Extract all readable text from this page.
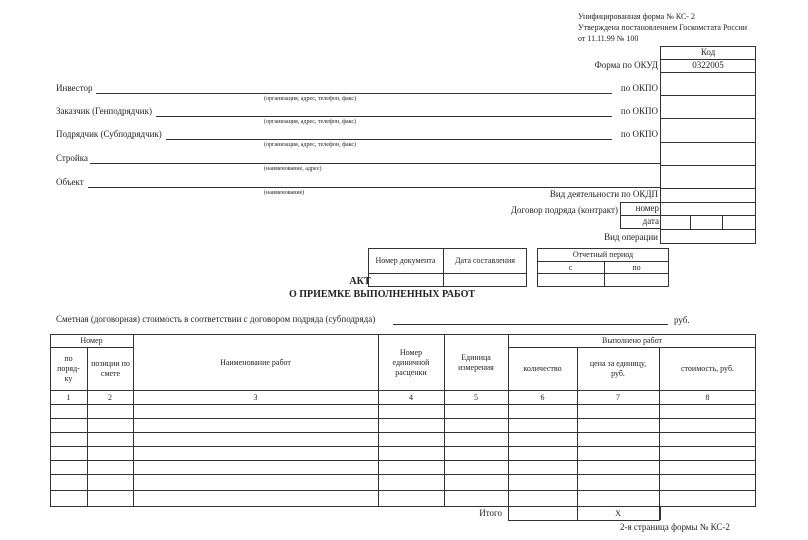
Унифицированная форма № КС- 2
Утверждена постановлением Госкомстата России
от 11.11.99 № 100
Код
0322005
Форма по ОКУД
по ОКПО
по ОКПО
по ОКПО
Вид деятельности по ОКДП
Договор подряда (контракт)	номер
дата
Вид операции
Инвестор
(организация, адрес, телефон, факс)
Заказчик (Генподрядчик)
(организация, адрес, телефон, факс)
Подрядчик (Субподрядчик)
(организация, адрес, телефон, факс)
Стройка
(наименование, адрес)
Объект
(наименование)
Номер документа	Дата составления
Отчетный период
с	по
АКТ
О ПРИЕМКЕ ВЫПОЛНЕННЫХ РАБОТ
Сметная (договорная) стоимость в соответствии с договором подряда (субподряда)	руб.
Номер
по поряд-ку
позиции по смете
Наименование работ
Номер единичной расценки
Единица измерения
Выполнено работ
количество
цена за единицу, руб.
стоимость, руб.
1	2	3	4	5	6	7	8
Итого	X
2-я страница формы № КС-2
